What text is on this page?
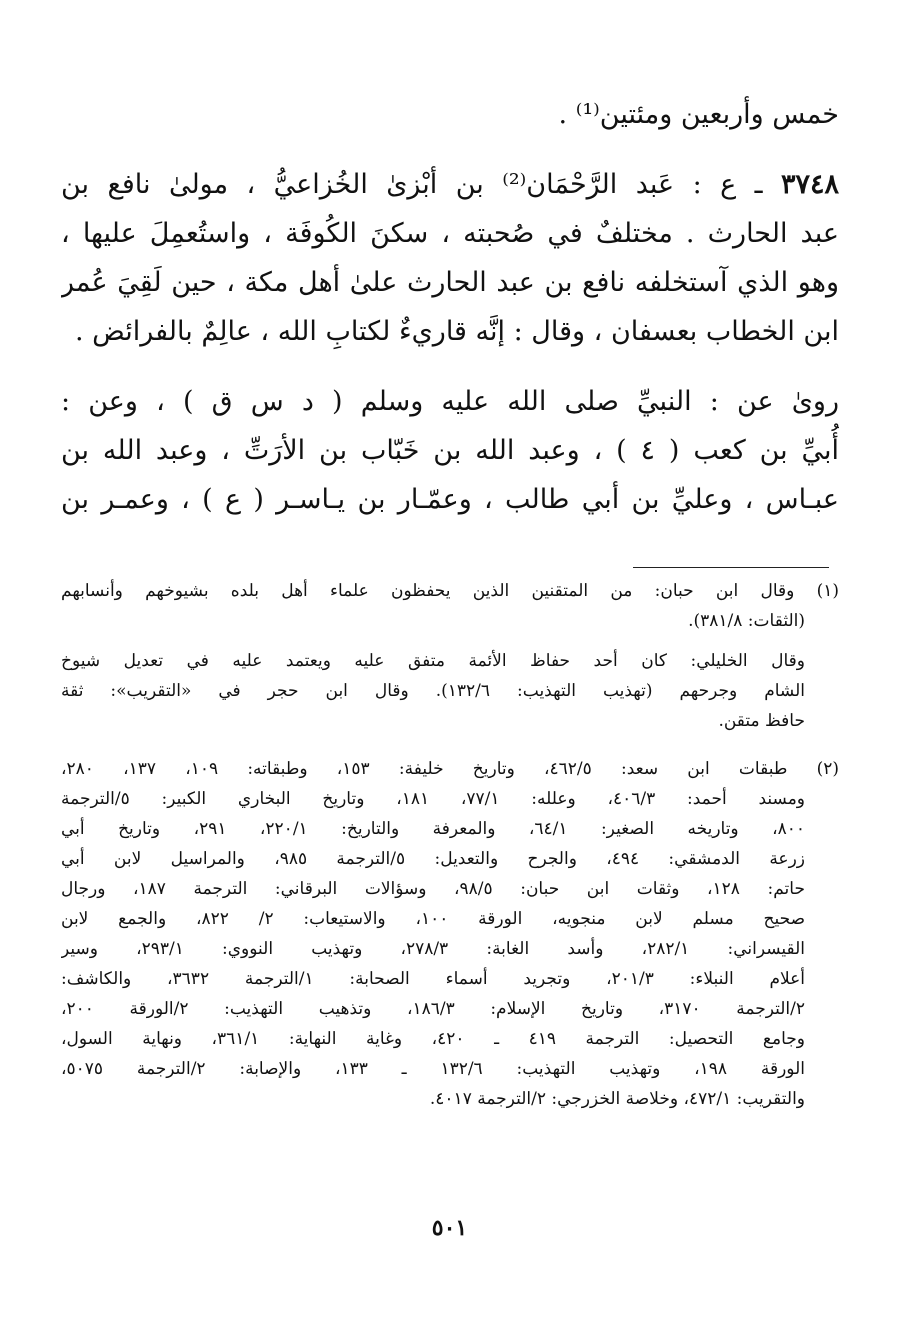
خمس وأربعين ومئتين⁽¹⁾ .
٣٧٤٨ ـ ع : عَبد الرَّحْمَان⁽²⁾ بن أبْزىٰ الخُزاعيُّ ، مولىٰ نافع بن
عبد الحارث . مختلفٌ في صُحبته ، سكنَ الكُوفَة ، واستُعمِلَ عليها ،
وهو الذي آستخلفه نافع بن عبد الحارث علىٰ أهل مكة ، حين لَقِيَ عُمر
ابن الخطاب بعسفان ، وقال : إنَّه قاريءٌ لكتابِ الله ، عالِمٌ بالفرائض .
روىٰ عن : النبيِّ صلى الله عليه وسلم ( د س ق ) ، وعن :
أُبيِّ بن كعب ( ٤ ) ، وعبد الله بن خَبّاب بن الأرَتِّ ، وعبد الله بن
عبـاس ، وعليِّ بن أبي طالب ، وعمّـار بن يـاسـر ( ع ) ، وعمـر بن
(١) وقال ابن حبان: من المتقنين الذين يحفظون علماء أهل بلده بشيوخهم وأنسابهم
(الثقات: ٣٨١/٨).
وقال الخليلي: كان أحد حفاظ الأئمة متفق عليه ويعتمد عليه في تعديل شيوخ
الشام وجرحهم (تهذيب التهذيب: ١٣٢/٦). وقال ابن حجر في «التقريب»: ثقة
حافظ متقن.
(٢) طبقات ابن سعد: ٤٦٢/٥، وتاريخ خليفة: ١٥٣، وطبقاته: ١٠٩، ١٣٧، ٢٨٠،
ومسند أحمد: ٤٠٦/٣، وعلله: ٧٧/١، ١٨١، وتاريخ البخاري الكبير: ٥/الترجمة
٨٠٠، وتاريخه الصغير: ٦٤/١، والمعرفة والتاريخ: ٢٢٠/١، ٢٩١، وتاريخ أبي
زرعة الدمشقي: ٤٩٤، والجرح والتعديل: ٥/الترجمة ٩٨٥، والمراسيل لابن أبي
حاتم: ١٢٨، وثقات ابن حبان: ٩٨/٥، وسؤالات البرقاني: الترجمة ١٨٧، ورجال
صحيح مسلم لابن منجويه، الورقة ١٠٠، والاستيعاب: ٢/ ٨٢٢، والجمع لابن
القيسراني: ٢٨٢/١، وأسد الغابة: ٢٧٨/٣، وتهذيب النووي: ٢٩٣/١، وسير
أعلام النبلاء: ٢٠١/٣، وتجريد أسماء الصحابة: ١/الترجمة ٣٦٣٢، والكاشف:
٢/الترجمة ٣١٧٠، وتاريخ الإسلام: ١٨٦/٣، وتذهيب التهذيب: ٢/الورقة ٢٠٠،
وجامع التحصيل: الترجمة ٤١٩ ـ ٤٢٠، وغاية النهاية: ٣٦١/١، ونهاية السول،
الورقة ١٩٨، وتهذيب التهذيب: ١٣٢/٦ ـ ١٣٣، والإصابة: ٢/الترجمة ٥٠٧٥،
والتقريب: ٤٧٢/١، وخلاصة الخزرجي: ٢/الترجمة ٤٠١٧.
٥٠١
